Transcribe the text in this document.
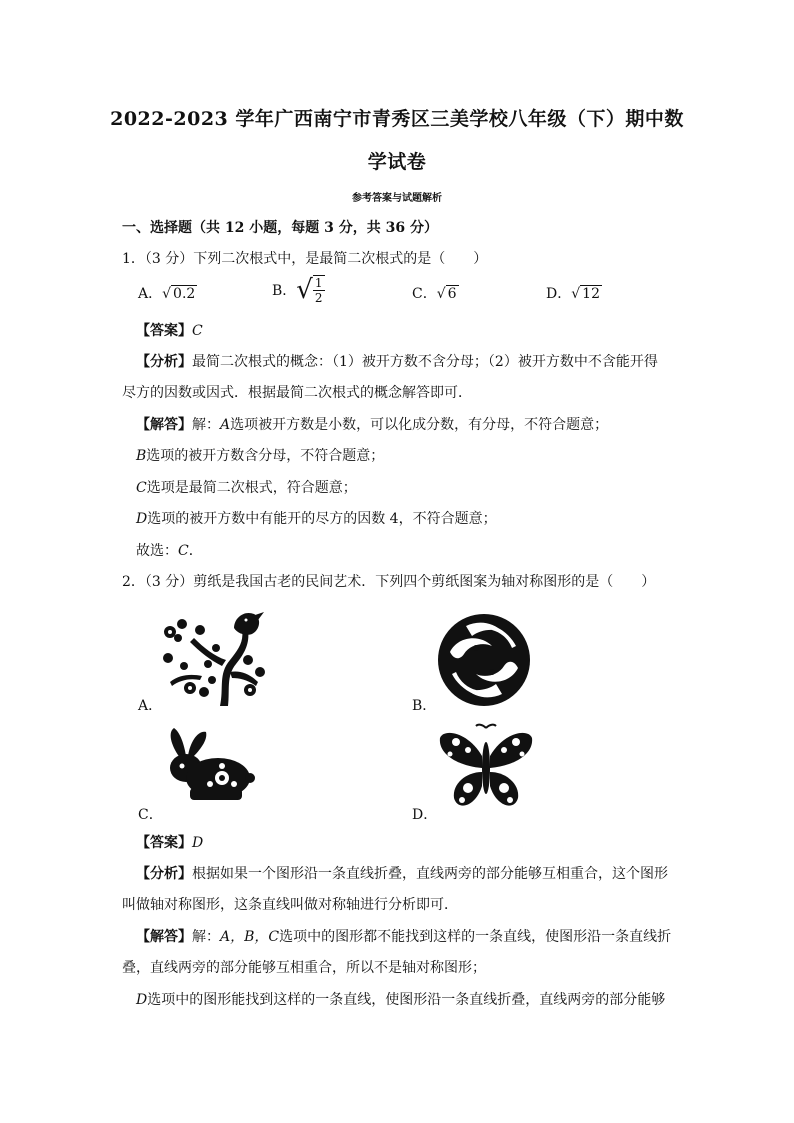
2022-2023 学年广西南宁市青秀区三美学校八年级（下）期中数
学试卷
参考答案与试题解析
一、选择题（共 12 小题，每题 3 分，共 36 分）
1．（3 分）下列二次根式中，是最简二次根式的是（　　）
A．√ 0.2	B．√ $\frac{1}{2}$	C．√ 6	D．√ 12
【答案】C
【分析】最简二次根式的概念：（1）被开方数不含分母；（2）被开方数中不含能开得
尽方的因数或因式．根据最简二次根式的概念解答即可．
【解答】解：A选项被开方数是小数，可以化成分数，有分母，不符合题意；
B选项的被开方数含分母，不符合题意；
C选项是最简二次根式，符合题意；
D选项的被开方数中有能开的尽方的因数 4，不符合题意；
故选：C．
2．（3 分）剪纸是我国古老的民间艺术．下列四个剪纸图案为轴对称图形的是（　　）
A．	B．
C．	D．
【答案】D
【分析】根据如果一个图形沿一条直线折叠，直线两旁的部分能够互相重合，这个图形
叫做轴对称图形，这条直线叫做对称轴进行分析即可．
【解答】解：A，B，C选项中的图形都不能找到这样的一条直线，使图形沿一条直线折
叠，直线两旁的部分能够互相重合，所以不是轴对称图形；
D选项中的图形能找到这样的一条直线，使图形沿一条直线折叠，直线两旁的部分能够
